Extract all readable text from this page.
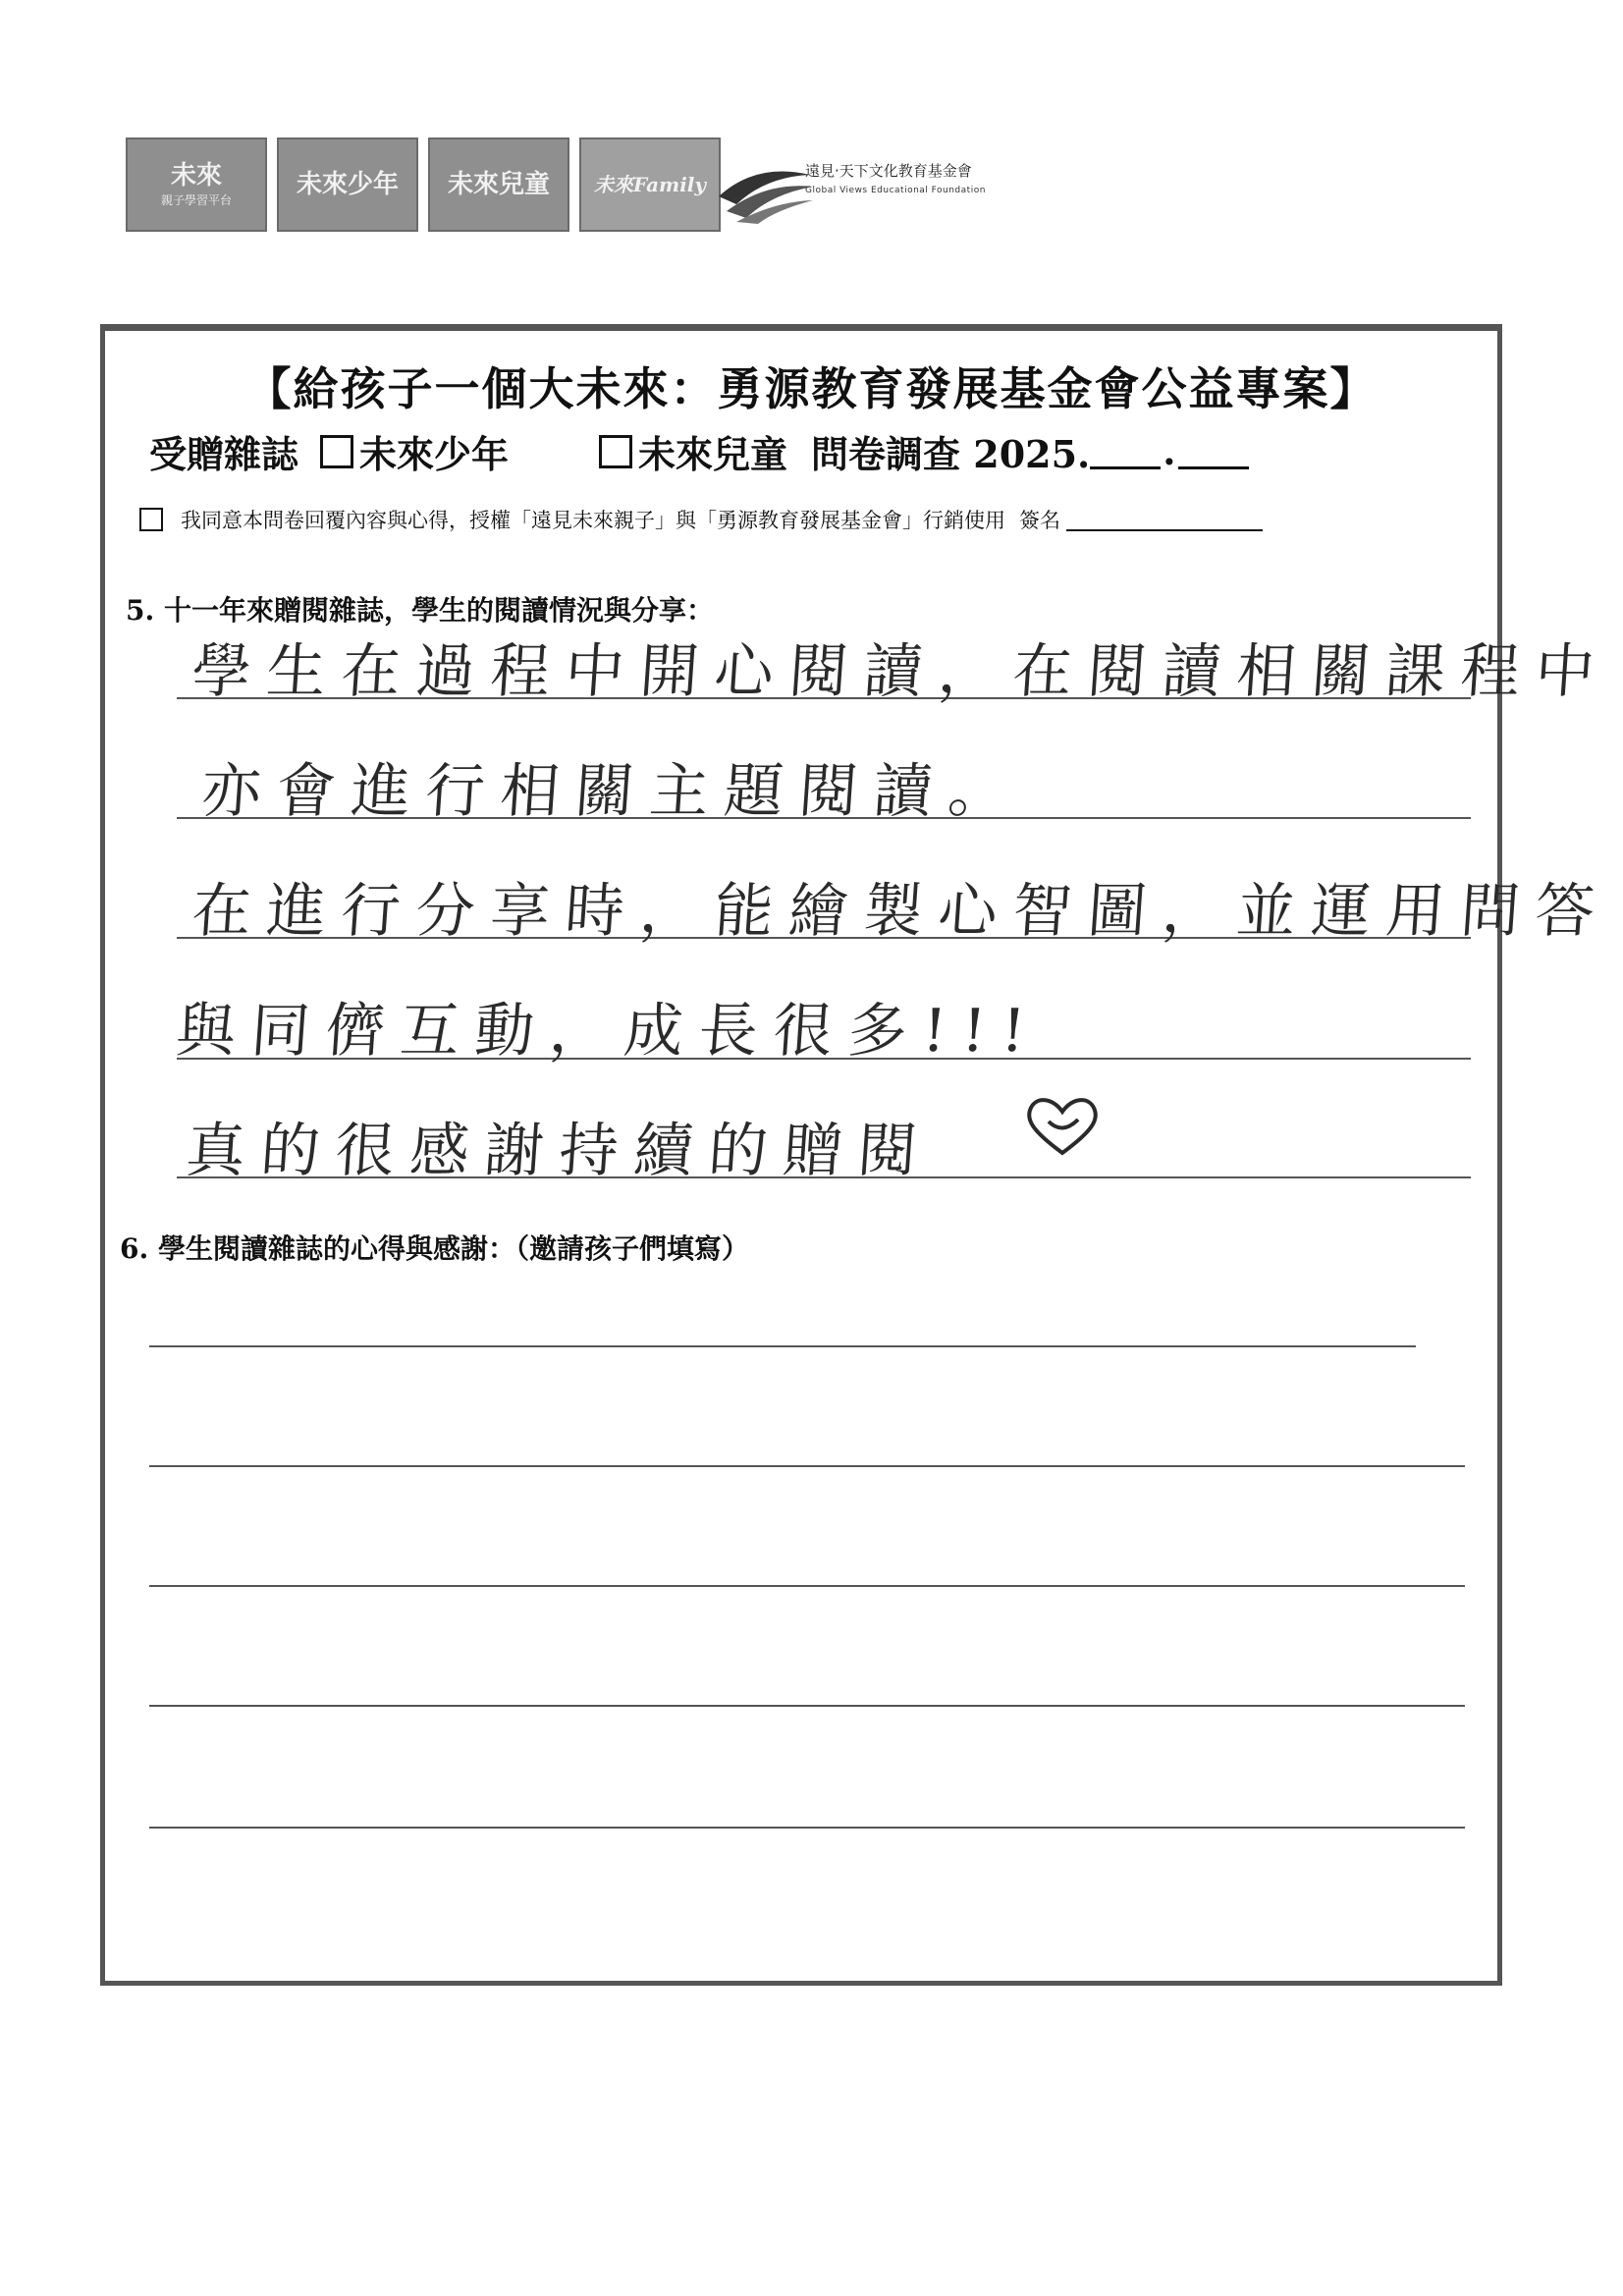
未來
親子學習平台
未來少年 未來兒童 未來Family
遠見‧天下文化教育基金會
Global Views Educational Foundation
【給孩子一個大未來：勇源教育發展基金會公益專案】
受贈雜誌 未來少年	未來兒童 問卷調查 2025. .
我同意本問卷回覆內容與心得，授權「遠見未來親子」與「勇源教育發展基金會」行銷使用 簽名
5. 十一年來贈閱雜誌，學生的閱讀情況與分享：
學生在過程中開心閱讀，在閱讀相關課程中
亦會進行相關主題閱讀。
在進行分享時，能繪製心智圖，並運用問答
與同儕互動，成長很多!!!
真的很感謝持續的贈閱
6. 學生閱讀雜誌的心得與感謝：（邀請孩子們填寫）
